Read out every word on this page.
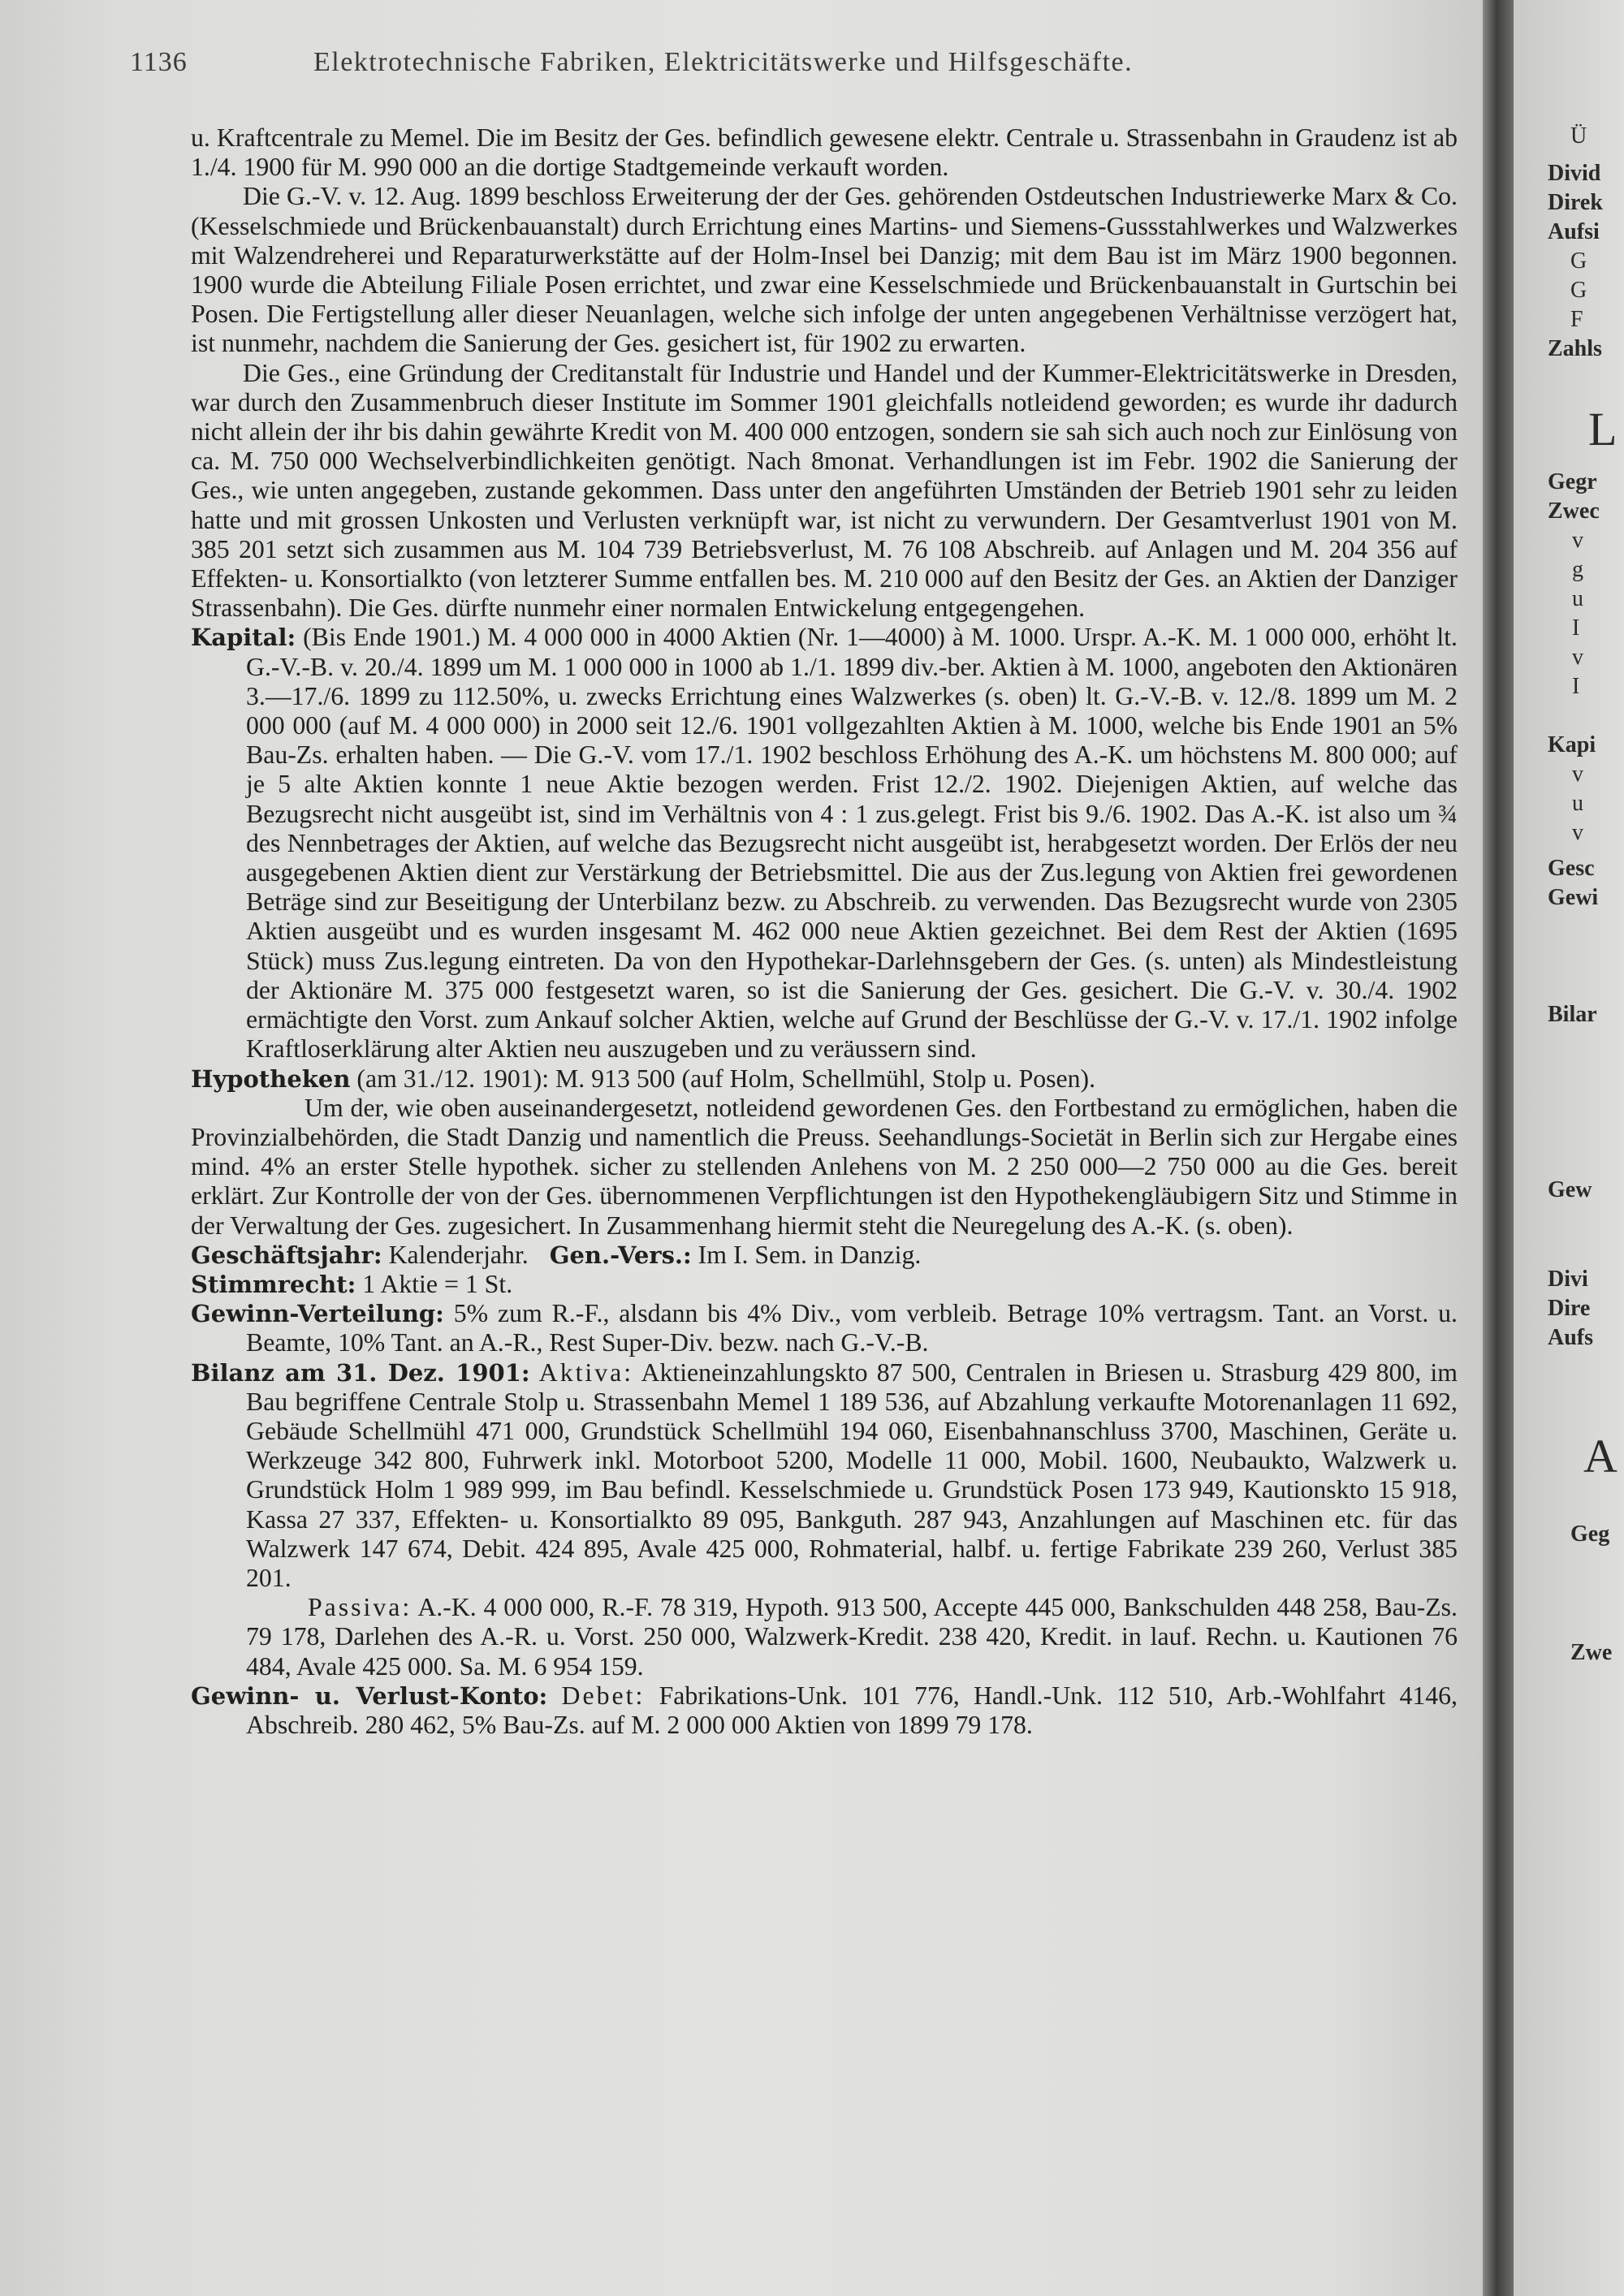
1136	Elektrotechnische Fabriken, Elektricitätswerke und Hilfsgeschäfte.

u. Kraftcentrale zu Memel. Die im Besitz der Ges. befindlich gewesene elektr. Centrale u. Strassenbahn in Graudenz ist ab 1./4. 1900 für M. 990 000 an die dortige Stadtgemeinde verkauft worden.

Die G.-V. v. 12. Aug. 1899 beschloss Erweiterung der der Ges. gehörenden Ostdeutschen Industriewerke Marx & Co. (Kesselschmiede und Brückenbauanstalt) durch Errichtung eines Martins- und Siemens-Gussstahlwerkes und Walzwerkes mit Walzendreherei und Reparaturwerkstätte auf der Holm-Insel bei Danzig; mit dem Bau ist im März 1900 begonnen. 1900 wurde die Abteilung Filiale Posen errichtet, und zwar eine Kesselschmiede und Brückenbauanstalt in Gurtschin bei Posen. Die Fertigstellung aller dieser Neuanlagen, welche sich infolge der unten angegebenen Verhältnisse verzögert hat, ist nunmehr, nachdem die Sanierung der Ges. gesichert ist, für 1902 zu erwarten.

Die Ges., eine Gründung der Creditanstalt für Industrie und Handel und der Kummer-Elektricitätswerke in Dresden, war durch den Zusammenbruch dieser Institute im Sommer 1901 gleichfalls notleidend geworden; es wurde ihr dadurch nicht allein der ihr bis dahin gewährte Kredit von M. 400 000 entzogen, sondern sie sah sich auch noch zur Einlösung von ca. M. 750 000 Wechselverbindlichkeiten genötigt. Nach 8monat. Verhandlungen ist im Febr. 1902 die Sanierung der Ges., wie unten angegeben, zustande gekommen. Dass unter den angeführten Umständen der Betrieb 1901 sehr zu leiden hatte und mit grossen Unkosten und Verlusten verknüpft war, ist nicht zu verwundern. Der Gesamtverlust 1901 von M. 385 201 setzt sich zusammen aus M. 104 739 Betriebsverlust, M. 76 108 Abschreib. auf Anlagen und M. 204 356 auf Effekten- u. Konsortialkto (von letzterer Summe entfallen bes. M. 210 000 auf den Besitz der Ges. an Aktien der Danziger Strassenbahn). Die Ges. dürfte nunmehr einer normalen Entwickelung entgegengehen.

Kapital: (Bis Ende 1901.) M. 4 000 000 in 4000 Aktien (Nr. 1—4000) à M. 1000. Urspr. A.-K. M. 1 000 000, erhöht lt. G.-V.-B. v. 20./4. 1899 um M. 1 000 000 in 1000 ab 1./1. 1899 div.-ber. Aktien à M. 1000, angeboten den Aktionären 3.—17./6. 1899 zu 112.50%, u. zwecks Errichtung eines Walzwerkes (s. oben) lt. G.-V.-B. v. 12./8. 1899 um M. 2 000 000 (auf M. 4 000 000) in 2000 seit 12./6. 1901 vollgezahlten Aktien à M. 1000, welche bis Ende 1901 an 5% Bau-Zs. erhalten haben. — Die G.-V. vom 17./1. 1902 beschloss Erhöhung des A.-K. um höchstens M. 800 000; auf je 5 alte Aktien konnte 1 neue Aktie bezogen werden. Frist 12./2. 1902. Diejenigen Aktien, auf welche das Bezugsrecht nicht ausgeübt ist, sind im Verhältnis von 4 : 1 zus.gelegt. Frist bis 9./6. 1902. Das A.-K. ist also um ¾ des Nennbetrages der Aktien, auf welche das Bezugsrecht nicht ausgeübt ist, herabgesetzt worden. Der Erlös der neu ausgegebenen Aktien dient zur Verstärkung der Betriebsmittel. Die aus der Zus.legung von Aktien frei gewordenen Beträge sind zur Beseitigung der Unterbilanz bezw. zu Abschreib. zu verwenden. Das Bezugsrecht wurde von 2305 Aktien ausgeübt und es wurden insgesamt M. 462 000 neue Aktien gezeichnet. Bei dem Rest der Aktien (1695 Stück) muss Zus.legung eintreten. Da von den Hypothekar-Darlehnsgebern der Ges. (s. unten) als Mindestleistung der Aktionäre M. 375 000 festgesetzt waren, so ist die Sanierung der Ges. gesichert. Die G.-V. v. 30./4. 1902 ermächtigte den Vorst. zum Ankauf solcher Aktien, welche auf Grund der Beschlüsse der G.-V. v. 17./1. 1902 infolge Kraftloserklärung alter Aktien neu auszugeben und zu veräussern sind.

Hypotheken (am 31./12. 1901): M. 913 500 (auf Holm, Schellmühl, Stolp u. Posen).

Um der, wie oben auseinandergesetzt, notleidend gewordenen Ges. den Fortbestand zu ermöglichen, haben die Provinzialbehörden, die Stadt Danzig und namentlich die Preuss. Seehandlungs-Societät in Berlin sich zur Hergabe eines mind. 4% an erster Stelle hypothek. sicher zu stellenden Anlehens von M. 2 250 000—2 750 000 au die Ges. bereit erklärt. Zur Kontrolle der von der Ges. übernommenen Verpflichtungen ist den Hypothekengläubigern Sitz und Stimme in der Verwaltung der Ges. zugesichert. In Zusammenhang hiermit steht die Neuregelung des A.-K. (s. oben).

Geschäftsjahr: Kalenderjahr. Gen.-Vers.: Im I. Sem. in Danzig.

Stimmrecht: 1 Aktie = 1 St.

Gewinn-Verteilung: 5% zum R.-F., alsdann bis 4% Div., vom verbleib. Betrage 10% vertragsm. Tant. an Vorst. u. Beamte, 10% Tant. an A.-R., Rest Super-Div. bezw. nach G.-V.-B.

Bilanz am 31. Dez. 1901: Aktiva: Aktieneinzahlungskto 87 500, Centralen in Briesen u. Strasburg 429 800, im Bau begriffene Centrale Stolp u. Strassenbahn Memel 1 189 536, auf Abzahlung verkaufte Motorenanlagen 11 692, Gebäude Schellmühl 471 000, Grundstück Schellmühl 194 060, Eisenbahnanschluss 3700, Maschinen, Geräte u. Werkzeuge 342 800, Fuhrwerk inkl. Motorboot 5200, Modelle 11 000, Mobil. 1600, Neubaukto, Walzwerk u. Grundstück Holm 1 989 999, im Bau befindl. Kesselschmiede u. Grundstück Posen 173 949, Kautionskto 15 918, Kassa 27 337, Effekten- u. Konsortialkto 89 095, Bankguth. 287 943, Anzahlungen auf Maschinen etc. für das Walzwerk 147 674, Debit. 424 895, Avale 425 000, Rohmaterial, halbf. u. fertige Fabrikate 239 260, Verlust 385 201.

Passiva: A.-K. 4 000 000, R.-F. 78 319, Hypoth. 913 500, Accepte 445 000, Bankschulden 448 258, Bau-Zs. 79 178, Darlehen des A.-R. u. Vorst. 250 000, Walzwerk-Kredit. 238 420, Kredit. in lauf. Rechn. u. Kautionen 76 484, Avale 425 000. Sa. M. 6 954 159.

Gewinn- u. Verlust-Konto: Debet: Fabrikations-Unk. 101 776, Handl.-Unk. 112 510, Arb.-Wohlfahrt 4146, Abschreib. 280 462, 5% Bau-Zs. auf M. 2 000 000 Aktien von 1899 79 178.

Ü
Divid
Direk
Aufsi
G
G
F
Zahls
L
Gegr
Zwec
v
g
u
I
v
I
Kapi
v
u
v
Gesc
Gewi
Bilar
Gew
Divi
Dire
Aufs
A
Geg
Zwe
